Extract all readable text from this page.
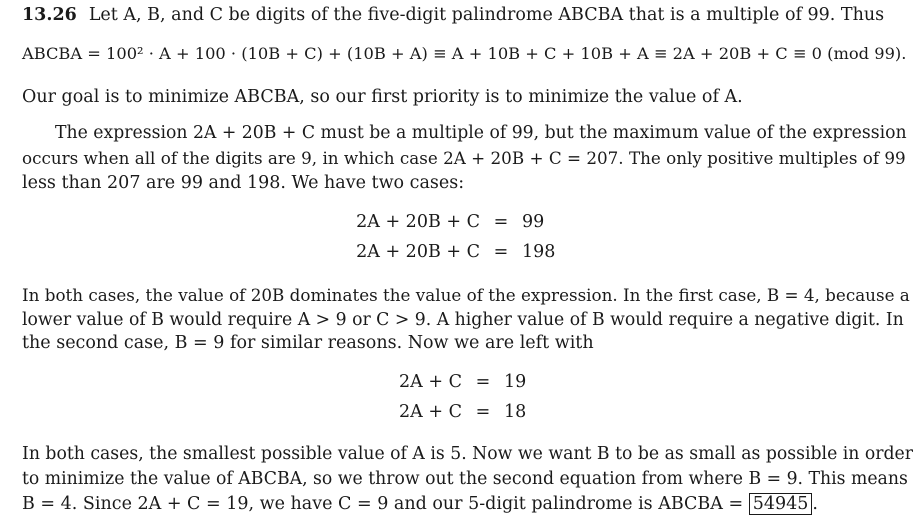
13.26 Let A, B, and C be digits of the five-digit palindrome ABCBA that is a multiple of 99. Thus
ABCBA = 100² · A + 100 · (10B + C) + (10B + A) ≡ A + 10B + C + 10B + A ≡ 2A + 20B + C ≡ 0 (mod 99).
Our goal is to minimize ABCBA, so our first priority is to minimize the value of A.
The expression 2A + 20B + C must be a multiple of 99, but the maximum value of the expression
occurs when all of the digits are 9, in which case 2A + 20B + C = 207. The only positive multiples of 99
less than 207 are 99 and 198. We have two cases:
2A + 20B + C = 99
2A + 20B + C = 198
In both cases, the value of 20B dominates the value of the expression. In the first case, B = 4, because a
lower value of B would require A > 9 or C > 9. A higher value of B would require a negative digit. In
the second case, B = 9 for similar reasons. Now we are left with
2A + C = 19
2A + C = 18
In both cases, the smallest possible value of A is 5. Now we want B to be as small as possible in order
to minimize the value of ABCBA, so we throw out the second equation from where B = 9. This means
B = 4. Since 2A + C = 19, we have C = 9 and our 5-digit palindrome is ABCBA = 54945 .
